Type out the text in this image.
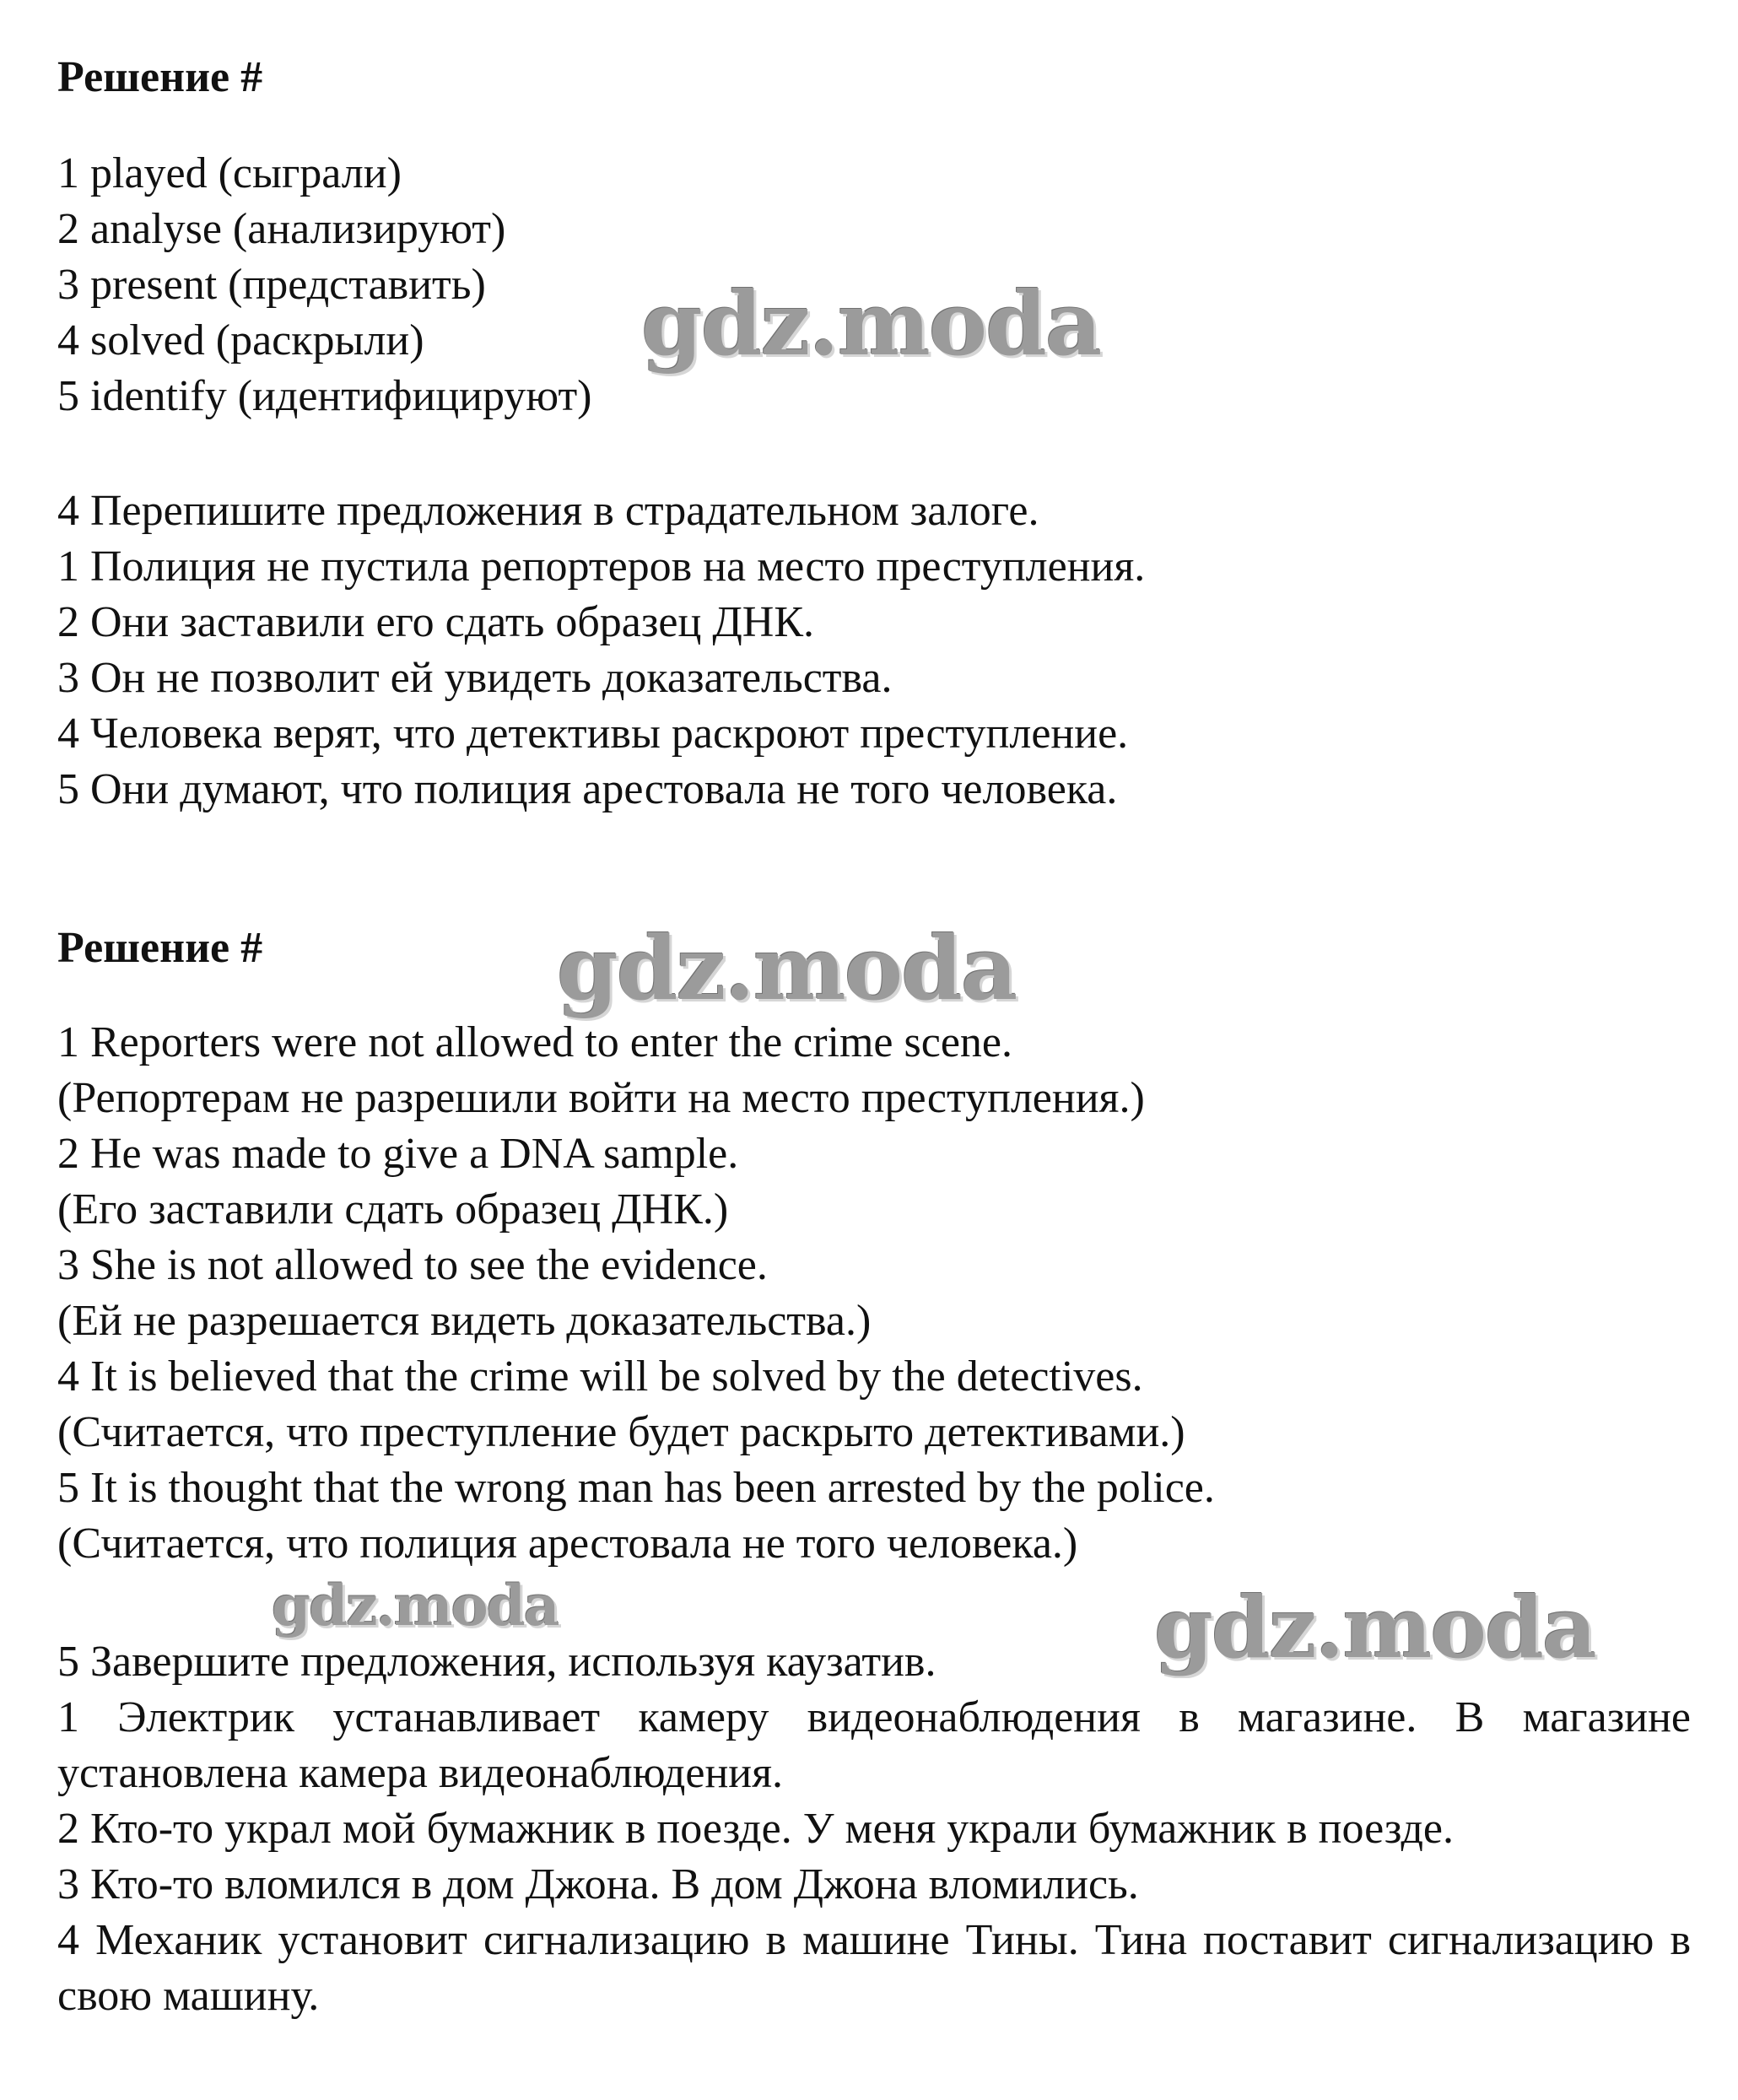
Решение #
1 played (сыграли)
2 analyse (анализируют)
3 present (представить)
4 solved (раскрыли)
5 identify (идентифицируют)
4 Перепишите предложения в страдательном залоге.
1 Полиция не пустила репортеров на место преступления.
2 Они заставили его сдать образец ДНК.
3 Он не позволит ей увидеть доказательства.
4 Человека верят, что детективы раскроют преступление.
5 Они думают, что полиция арестовала не того человека.
Решение #
1 Reporters were not allowed to enter the crime scene.
(Репортерам не разрешили войти на место преступления.)
2 He was made to give a DNA sample.
(Его заставили сдать образец ДНК.)
3 She is not allowed to see the evidence.
(Ей не разрешается видеть доказательства.)
4 It is believed that the crime will be solved by the detectives.
(Считается, что преступление будет раскрыто детективами.)
5 It is thought that the wrong man has been arrested by the police.
(Считается, что полиция арестовала не того человека.)
5 Завершите предложения, используя каузатив.
1 Электрик устанавливает камеру видеонаблюдения в магазине. В магазине установлена камера видеонаблюдения.
2 Кто-то украл мой бумажник в поезде. У меня украли бумажник в поезде.
3 Кто-то вломился в дом Джона. В дом Джона вломились.
4 Механик установит сигнализацию в машине Тины. Тина поставит сигнализацию в свою машину.
gdz.moda
gdz.moda
gdz.moda	gdz.moda
